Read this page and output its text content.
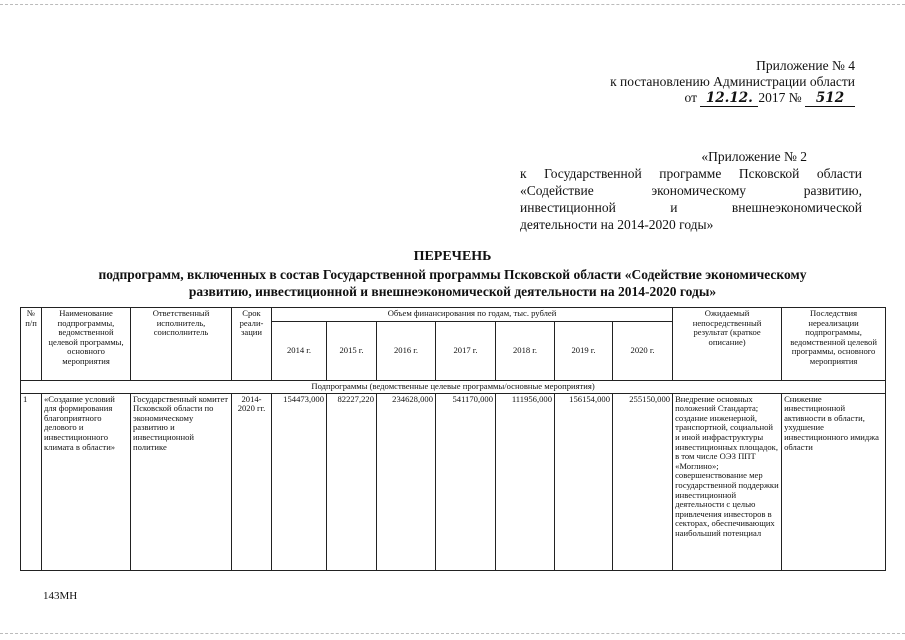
Приложение № 4
к постановлению Администрации области
от 12.12. 2017 № 512
«Приложение № 2
к Государственной программе Псковской области
«Содействие экономическому развитию,
инвестиционной и внешнеэкономической
деятельности на 2014-2020 годы»
ПЕРЕЧЕНЬ
подпрограмм, включенных в состав Государственной программы Псковской области «Содействие экономическому
развитию, инвестиционной и внешнеэкономической деятельности на 2014-2020 годы»
№ п/п	Наименование подпрограммы, ведомственной целевой программы, основного мероприятия	Ответственный исполнитель, соисполнитель	Срок реали-зации	Объем финансирования по годам, тыс. рублей							Ожидаемый непосредственный результат (краткое описание)	Последствия нереализации подпрограммы, ведомственной целевой программы, основного мероприятия
				2014 г.	2015 г.	2016 г.	2017 г.	2018 г.	2019 г.	2020 г.		
Подпрограммы (ведомственные целевые программы/основные мероприятия)												
1	«Создание условий для формирования благоприятного делового и инвестиционного климата в области»	Государственный комитет Псковской области по экономическому развитию и инвестиционной политике	2014-2020 гг.	154473,000	82227,220	234628,000	541170,000	111956,000	156154,000	255150,000	Внедрение основных положений Стандарта; создание инженерной, транспортной, социальной и иной инфраструктуры инвестиционных площадок, в том числе ОЭЗ ППТ «Моглино»; совершенствование мер государственной поддержки инвестиционной деятельности с целью привлечения инвесторов в секторах, обеспечивающих наибольший потенциал	Снижение инвестиционной активности в области, ухудшение инвестиционного имиджа области
143МН
